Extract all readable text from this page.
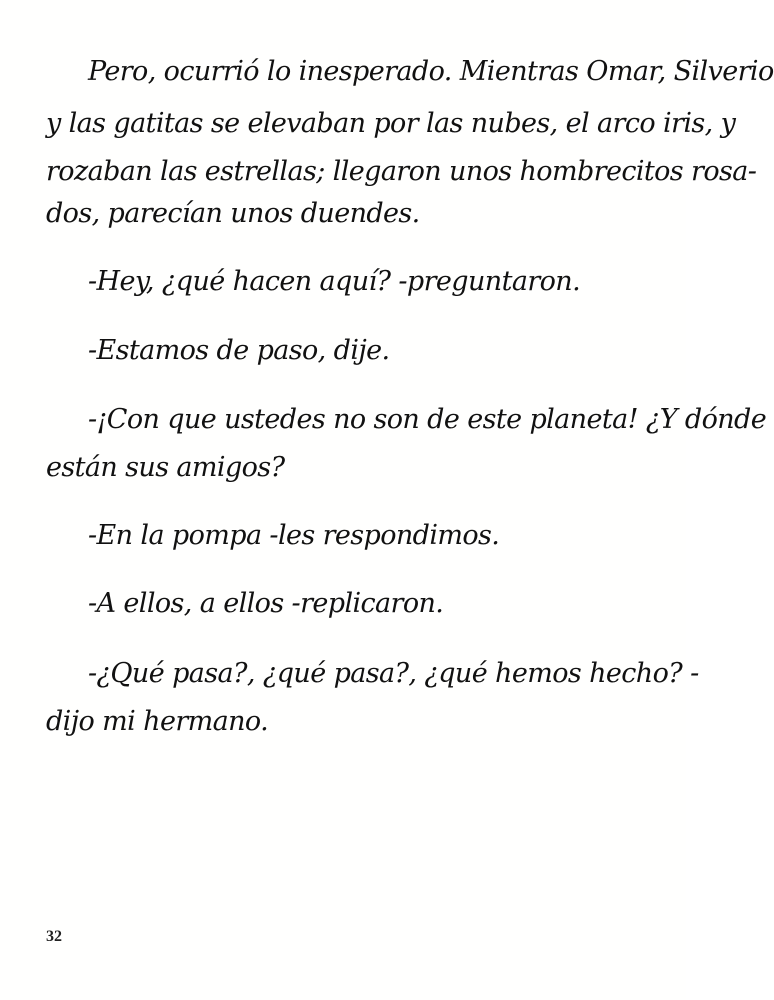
Pero, ocurrió lo inesperado. Mientras Omar, Silverio
y las gatitas se elevaban por las nubes, el arco iris, y
rozaban las estrellas; llegaron unos hombrecitos rosa-
dos, parecían unos duendes.
-Hey, ¿qué hacen aquí? -preguntaron.
-Estamos de paso, dije.
-¡Con que ustedes no son de este planeta! ¿Y dónde
están sus amigos?
-En la pompa -les respondimos.
-A ellos, a ellos -replicaron.
-¿Qué pasa?, ¿qué pasa?, ¿qué hemos hecho? -
dijo mi hermano.
32
